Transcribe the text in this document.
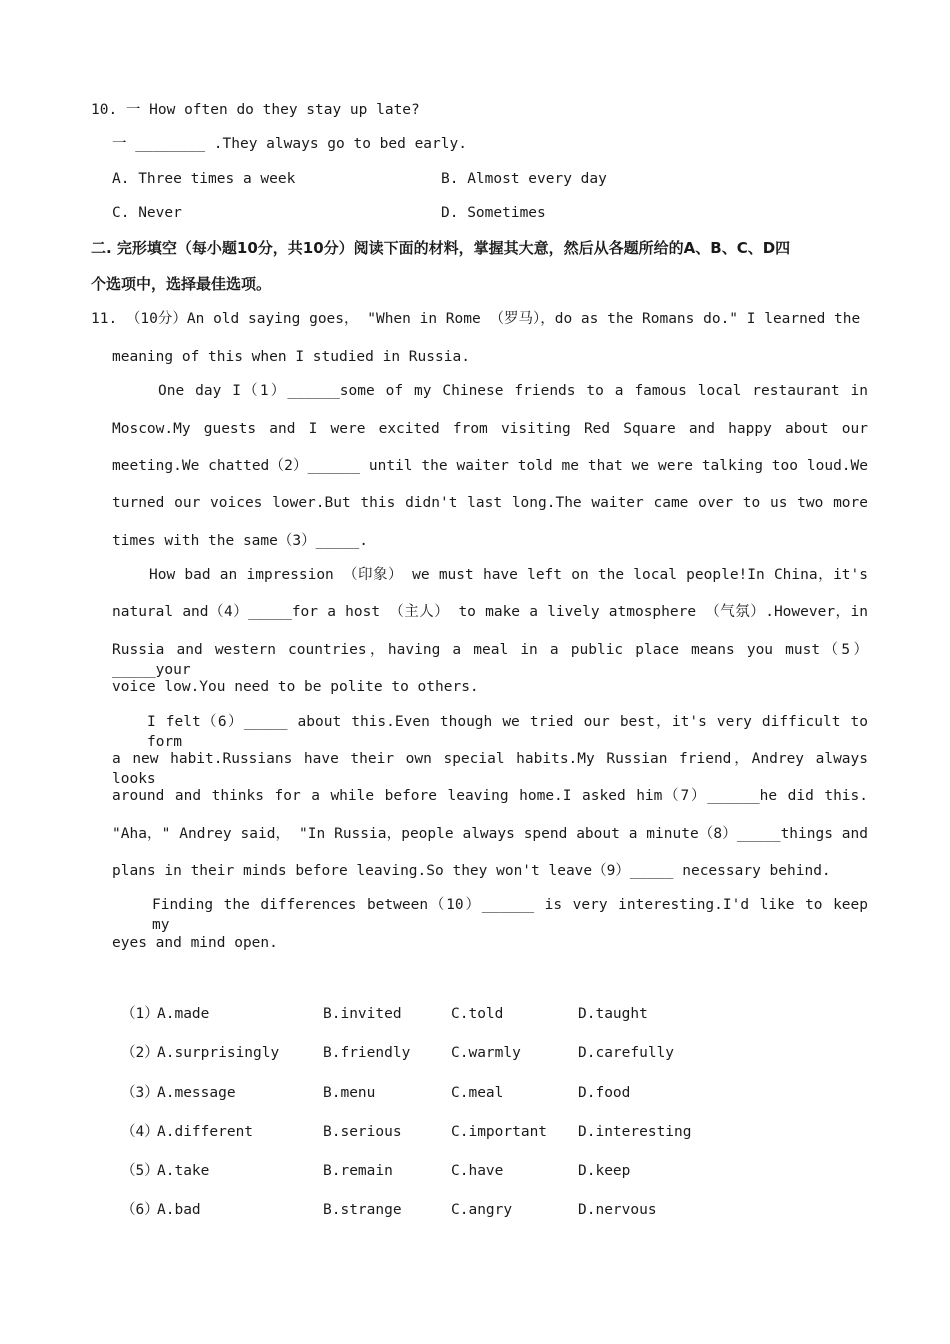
10. 一 How often do they stay up late?
一 ________ .They always go to bed early.
A. Three times a week	B. Almost every day
C. Never	D. Sometimes
二. 完形填空（每小题10分，共10分）阅读下面的材料，掌握其大意，然后从各题所给的A、B、C、D四
个选项中，选择最佳选项。
11. （10分）An old saying goes， "When in Rome （罗马），do as the Romans do." I learned the
meaning of this when I studied in Russia.
One day I（1）______some of my Chinese friends to a famous local restaurant in
Moscow.My guests and I were excited from visiting Red Square and happy about our
meeting.We chatted（2）______ until the waiter told me that we were talking too loud.We
turned our voices lower.But this didn't last long.The waiter came over to us two more
times with the same（3）_____.
How bad an impression （印象） we must have left on the local people!In China，it's
natural and（4）_____for a host （主人） to make a lively atmosphere （气氛）.However，in
Russia and western countries，having a meal in a public place means you must（5）_____your
voice low.You need to be polite to others.
I felt（6）_____ about this.Even though we tried our best，it's very difficult to form
a new habit.Russians have their own special habits.My Russian friend，Andrey always looks
around and thinks for a while before leaving home.I asked him（7）______he did this.
"Aha，" Andrey said， "In Russia，people always spend about a minute（8）_____things and
plans in their minds before leaving.So they won't leave（9）_____ necessary behind.
Finding the differences between（10）______ is very interesting.I'd like to keep my
eyes and mind open.
（1）
A.made	B.invited	C.told	D.taught
（2）
A.surprisingly	B.friendly	C.warmly	D.carefully
（3）
A.message	B.menu	C.meal	D.food
（4）
A.different	B.serious	C.important D.interesting
（5）
A.take	B.remain	C.have	D.keep
（6）
A.bad	B.strange	C.angry	D.nervous
